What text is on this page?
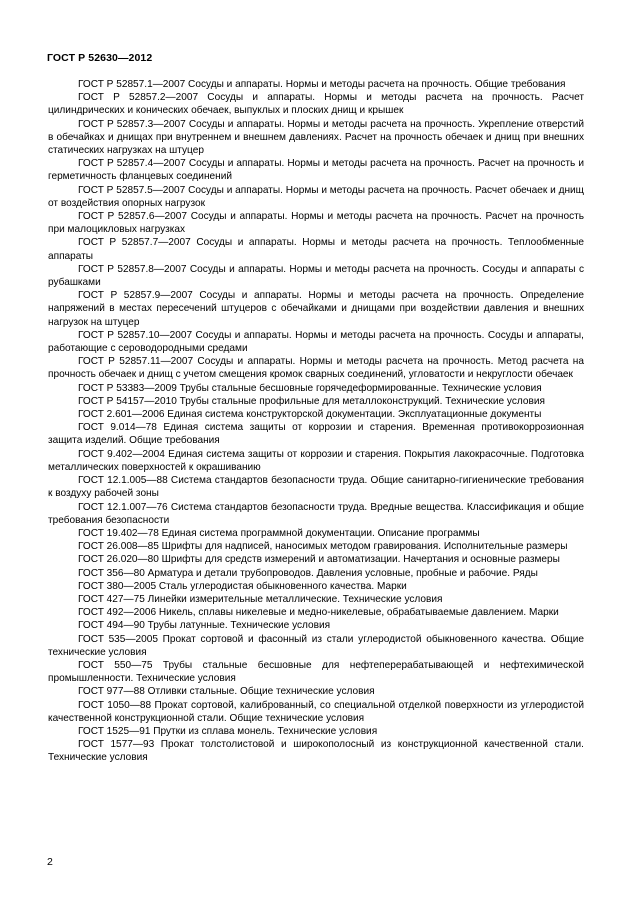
ГОСТ Р 52630—2012

ГОСТ Р 52857.1—2007 Сосуды и аппараты. Нормы и методы расчета на прочность. Общие требования

ГОСТ Р 52857.2—2007 Сосуды и аппараты. Нормы и методы расчета на прочность. Расчет цилиндрических и конических обечаек, выпуклых и плоских днищ и крышек

ГОСТ Р 52857.3—2007 Сосуды и аппараты. Нормы и методы расчета на прочность. Укрепление отверстий в обечайках и днищах при внутреннем и внешнем давлениях. Расчет на прочность обечаек и днищ при внешних статических нагрузках на штуцер

ГОСТ Р 52857.4—2007 Сосуды и аппараты. Нормы и методы расчета на прочность. Расчет на прочность и герметичность фланцевых соединений

ГОСТ Р 52857.5—2007 Сосуды и аппараты. Нормы и методы расчета на прочность. Расчет обечаек и днищ от воздействия опорных нагрузок

ГОСТ Р 52857.6—2007 Сосуды и аппараты. Нормы и методы расчета на прочность. Расчет на прочность при малоцикловых нагрузках

ГОСТ Р 52857.7—2007 Сосуды и аппараты. Нормы и методы расчета на прочность. Теплообменные аппараты

ГОСТ Р 52857.8—2007 Сосуды и аппараты. Нормы и методы расчета на прочность. Сосуды и аппараты с рубашками

ГОСТ Р 52857.9—2007 Сосуды и аппараты. Нормы и методы расчета на прочность. Определение напряжений в местах пересечений штуцеров с обечайками и днищами при воздействии давления и внешних нагрузок на штуцер

ГОСТ Р 52857.10—2007 Сосуды и аппараты. Нормы и методы расчета на прочность. Сосуды и аппараты, работающие с сероводородными средами

ГОСТ Р 52857.11—2007 Сосуды и аппараты. Нормы и методы расчета на прочность. Метод расчета на прочность обечаек и днищ с учетом смещения кромок сварных соединений, угловатости и некруглости обечаек

ГОСТ Р 53383—2009 Трубы стальные бесшовные горячедеформированные. Технические условия

ГОСТ Р 54157—2010 Трубы стальные профильные для металлоконструкций. Технические условия

ГОСТ 2.601—2006 Единая система конструкторской документации. Эксплуатационные документы

ГОСТ 9.014—78 Единая система защиты от коррозии и старения. Временная противокоррозионная защита изделий. Общие требования

ГОСТ 9.402—2004 Единая система защиты от коррозии и старения. Покрытия лакокрасочные. Подготовка металлических поверхностей к окрашиванию

ГОСТ 12.1.005—88 Система стандартов безопасности труда. Общие санитарно-гигиенические требования к воздуху рабочей зоны

ГОСТ 12.1.007—76 Система стандартов безопасности труда. Вредные вещества. Классификация и общие требования безопасности

ГОСТ 19.402—78 Единая система программной документации. Описание программы

ГОСТ 26.008—85 Шрифты для надписей, наносимых методом гравирования. Исполнительные размеры

ГОСТ 26.020—80 Шрифты для средств измерений и автоматизации. Начертания и основные размеры

ГОСТ 356—80 Арматура и детали трубопроводов. Давления условные, пробные и рабочие. Ряды

ГОСТ 380—2005 Сталь углеродистая обыкновенного качества. Марки

ГОСТ 427—75 Линейки измерительные металлические. Технические условия

ГОСТ 492—2006 Никель, сплавы никелевые и медно-никелевые, обрабатываемые давлением. Марки

ГОСТ 494—90 Трубы латунные. Технические условия

ГОСТ 535—2005 Прокат сортовой и фасонный из стали углеродистой обыкновенного качества. Общие технические условия

ГОСТ 550—75 Трубы стальные бесшовные для нефтеперерабатывающей и нефтехимической промышленности. Технические условия

ГОСТ 977—88 Отливки стальные. Общие технические условия

ГОСТ 1050—88 Прокат сортовой, калиброванный, со специальной отделкой поверхности из углеродистой качественной конструкционной стали. Общие технические условия

ГОСТ 1525—91 Прутки из сплава монель. Технические условия

ГОСТ 1577—93 Прокат толстолистовой и широкополосный из конструкционной качественной стали. Технические условия

2
